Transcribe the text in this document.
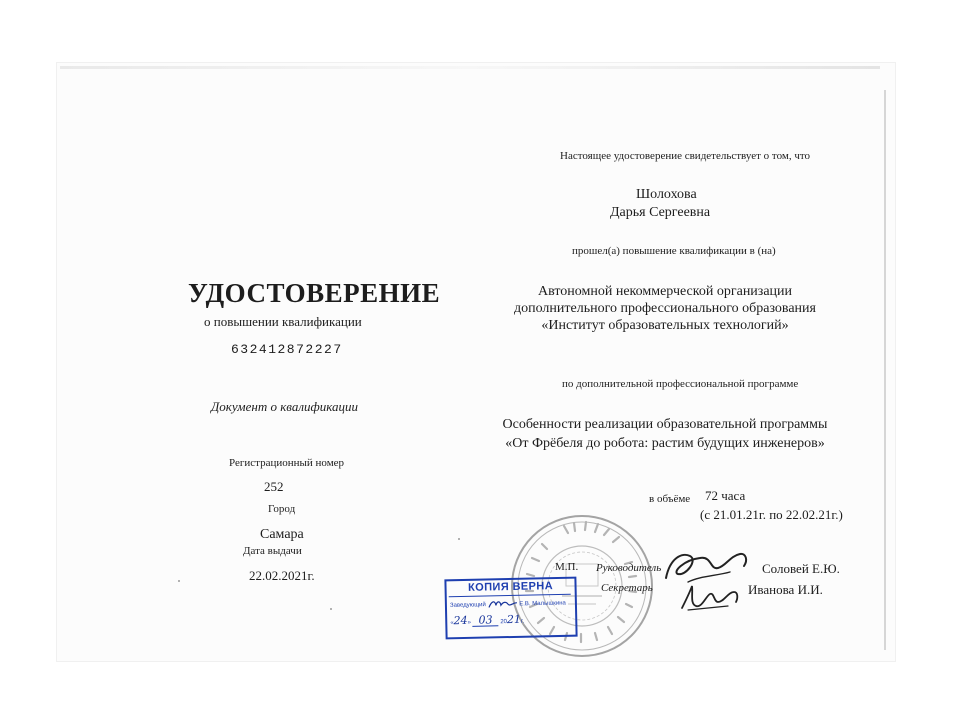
УДОСТОВЕРЕНИЕ
о повышении квалификации
632412872227
Документ о квалификации
Регистрационный номер
252
Город
Самара
Дата выдачи
22.02.2021г.
Настоящее удостоверение свидетельствует о том, что
Шолохова
Дарья Сергеевна
прошел(а) повышение квалификации в (на)
Автономной некоммерческой организации
дополнительного профессионального образования
«Институт образовательных технологий»
по дополнительной профессиональной программе
Особенности реализации образовательной программы
«От Фрёбеля до робота: растим будущих инженеров»
в объёме 72 часа
(с 21.01.21г. по 22.02.21г.)
М.П. Руководитель	Соловей Е.Ю.
Секретарь	Иванова И.И.
КОПИЯ ВЕРНА
Заведующий	Е.В. Малышкина
«24» 03 2021г.
